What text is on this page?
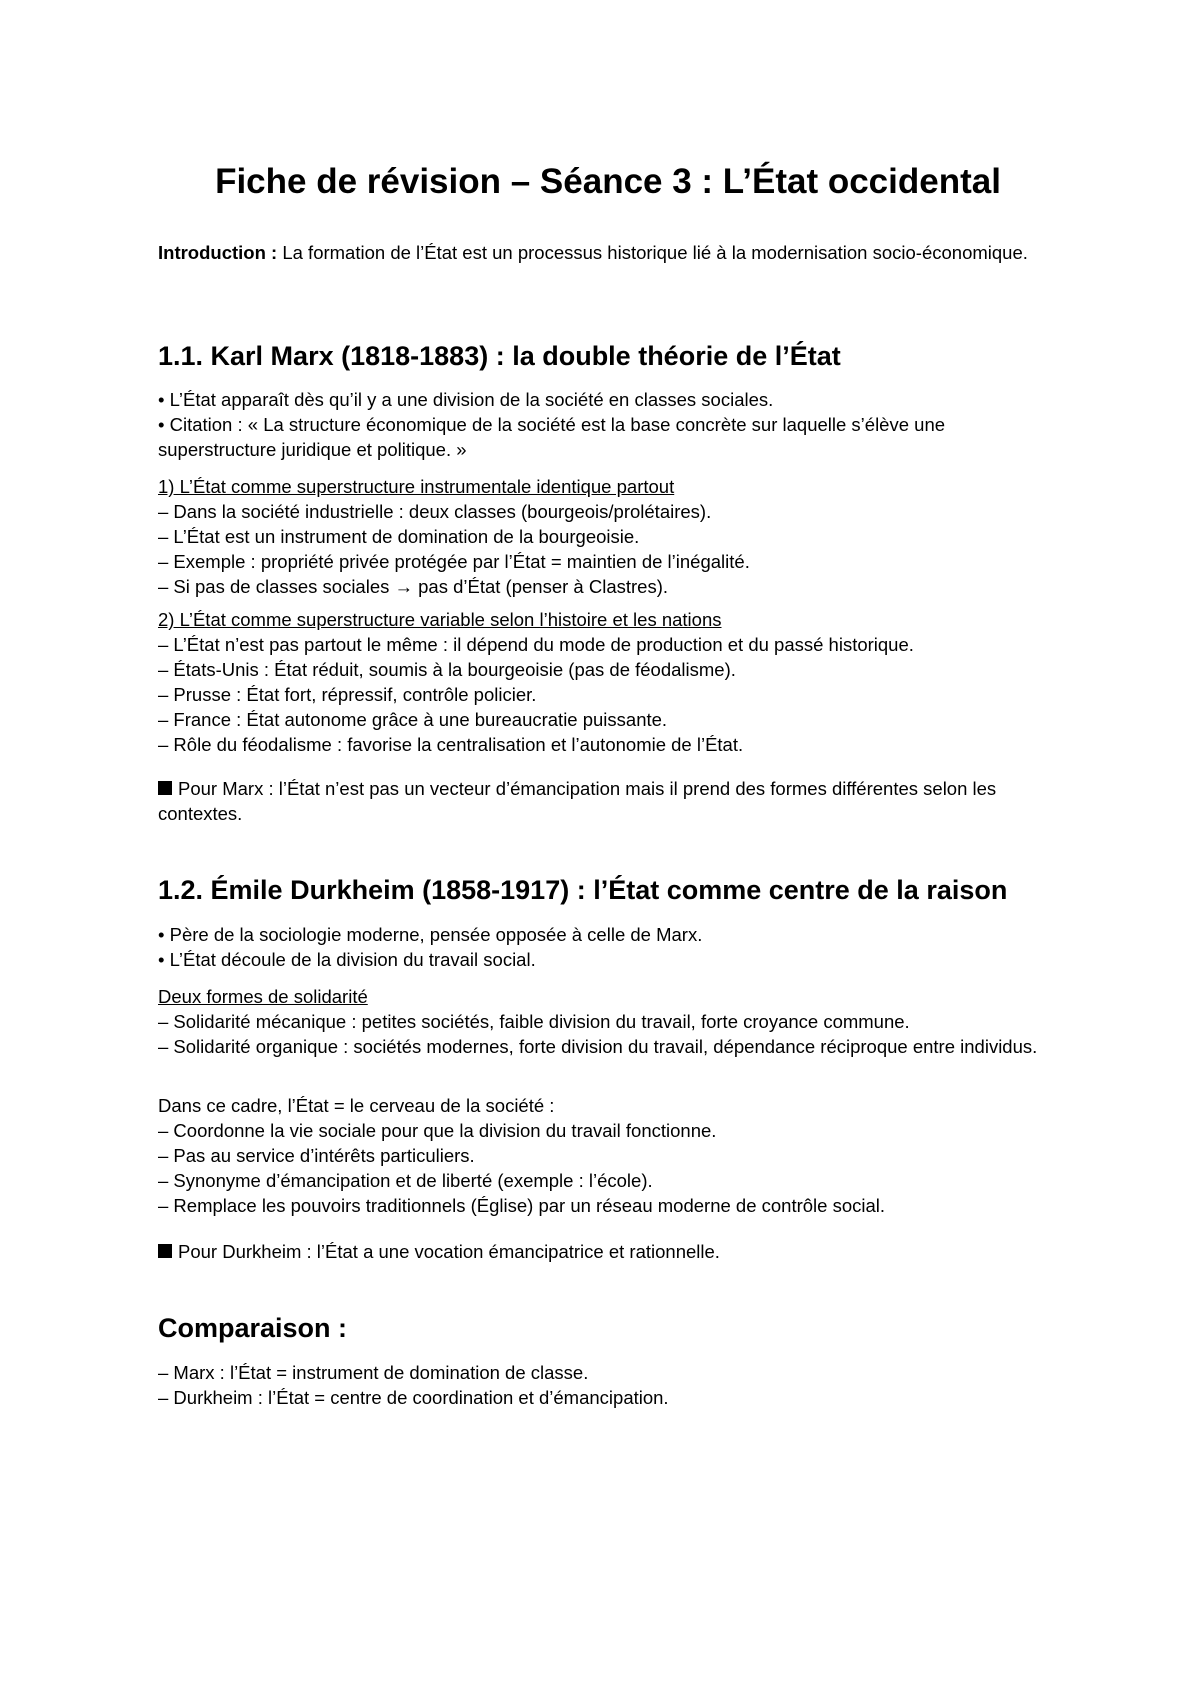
Fiche de révision – Séance 3 : L’État occidental

Introduction : La formation de l’État est un processus historique lié à la modernisation socio-économique.

1.1. Karl Marx (1818-1883) : la double théorie de l’État

• L’État apparaît dès qu’il y a une division de la société en classes sociales.

• Citation : « La structure économique de la société est la base concrète sur laquelle s’élève une superstructure juridique et politique. »

1) L’État comme superstructure instrumentale identique partout

– Dans la société industrielle : deux classes (bourgeois/prolétaires).

– L’État est un instrument de domination de la bourgeoisie.

– Exemple : propriété privée protégée par l’État = maintien de l’inégalité.

– Si pas de classes sociales → pas d’État (penser à Clastres).

2) L’État comme superstructure variable selon l’histoire et les nations

– L’État n’est pas partout le même : il dépend du mode de production et du passé historique.

– États-Unis : État réduit, soumis à la bourgeoisie (pas de féodalisme).

– Prusse : État fort, répressif, contrôle policier.

– France : État autonome grâce à une bureaucratie puissante.

– Rôle du féodalisme : favorise la centralisation et l’autonomie de l’État.

Pour Marx : l’État n’est pas un vecteur d’émancipation mais il prend des formes différentes selon les contextes.

1.2. Émile Durkheim (1858-1917) : l’État comme centre de la raison

• Père de la sociologie moderne, pensée opposée à celle de Marx.

• L’État découle de la division du travail social.

Deux formes de solidarité

– Solidarité mécanique : petites sociétés, faible division du travail, forte croyance commune.

– Solidarité organique : sociétés modernes, forte division du travail, dépendance réciproque entre individus.

Dans ce cadre, l’État = le cerveau de la société :

– Coordonne la vie sociale pour que la division du travail fonctionne.

– Pas au service d’intérêts particuliers.

– Synonyme d’émancipation et de liberté (exemple : l’école).

– Remplace les pouvoirs traditionnels (Église) par un réseau moderne de contrôle social.

Pour Durkheim : l’État a une vocation émancipatrice et rationnelle.

Comparaison :

– Marx : l’État = instrument de domination de classe.

– Durkheim : l’État = centre de coordination et d’émancipation.
